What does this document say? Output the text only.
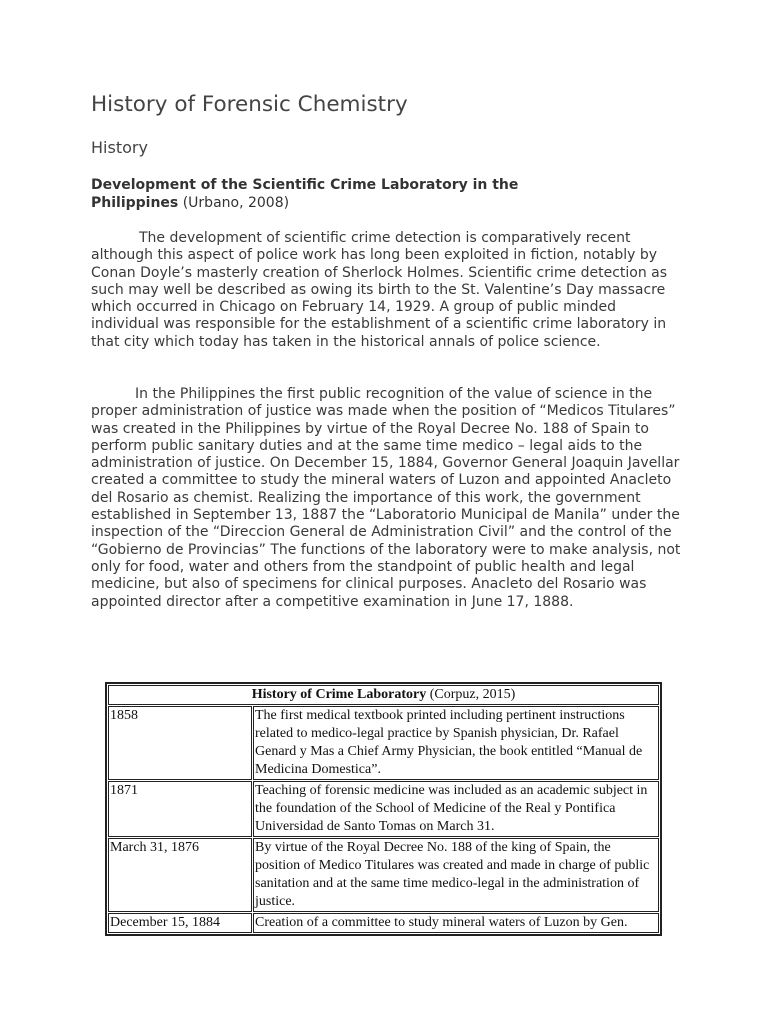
History of Forensic Chemistry
History

Development of the Scientific Crime Laboratory in the Philippines (Urbano, 2008)

The development of scientific crime detection is comparatively recent although this aspect of police work has long been exploited in fiction, notably by Conan Doyle’s masterly creation of Sherlock Holmes. Scientific crime detection as such may well be described as owing its birth to the St. Valentine’s Day massacre which occurred in Chicago on February 14, 1929. A group of public minded individual was responsible for the establishment of a scientific crime laboratory in that city which today has taken in the historical annals of police science.

In the Philippines the first public recognition of the value of science in the proper administration of justice was made when the position of “Medicos Titulares” was created in the Philippines by virtue of the Royal Decree No. 188 of Spain to perform public sanitary duties and at the same time medico – legal aids to the administration of justice. On December 15, 1884, Governor General Joaquin Javellar created a committee to study the mineral waters of Luzon and appointed Anacleto del Rosario as chemist. Realizing the importance of this work, the government established in September 13, 1887 the “Laboratorio Municipal de Manila” under the inspection of the “Direccion General de Administration Civil” and the control of the “Gobierno de Provincias” The functions of the laboratory were to make analysis, not only for food, water and others from the standpoint of public health and legal medicine, but also of specimens for clinical purposes. Anacleto del Rosario was appointed director after a competitive examination in June 17, 1888.

History of Crime Laboratory (Corpuz, 2015)	
1858	The first medical textbook printed including pertinent instructions related to medico-legal practice by Spanish physician, Dr. Rafael Genard y Mas a Chief Army Physician, the book entitled “Manual de Medicina Domestica”.
1871	Teaching of forensic medicine was included as an academic subject in the foundation of the School of Medicine of the Real y Pontifica Universidad de Santo Tomas on March 31.
March 31, 1876	By virtue of the Royal Decree No. 188 of the king of Spain, the position of Medico Titulares was created and made in charge of public sanitation and at the same time medico-legal in the administration of justice.
December 15, 1884	Creation of a committee to study mineral waters of Luzon by Gen.
